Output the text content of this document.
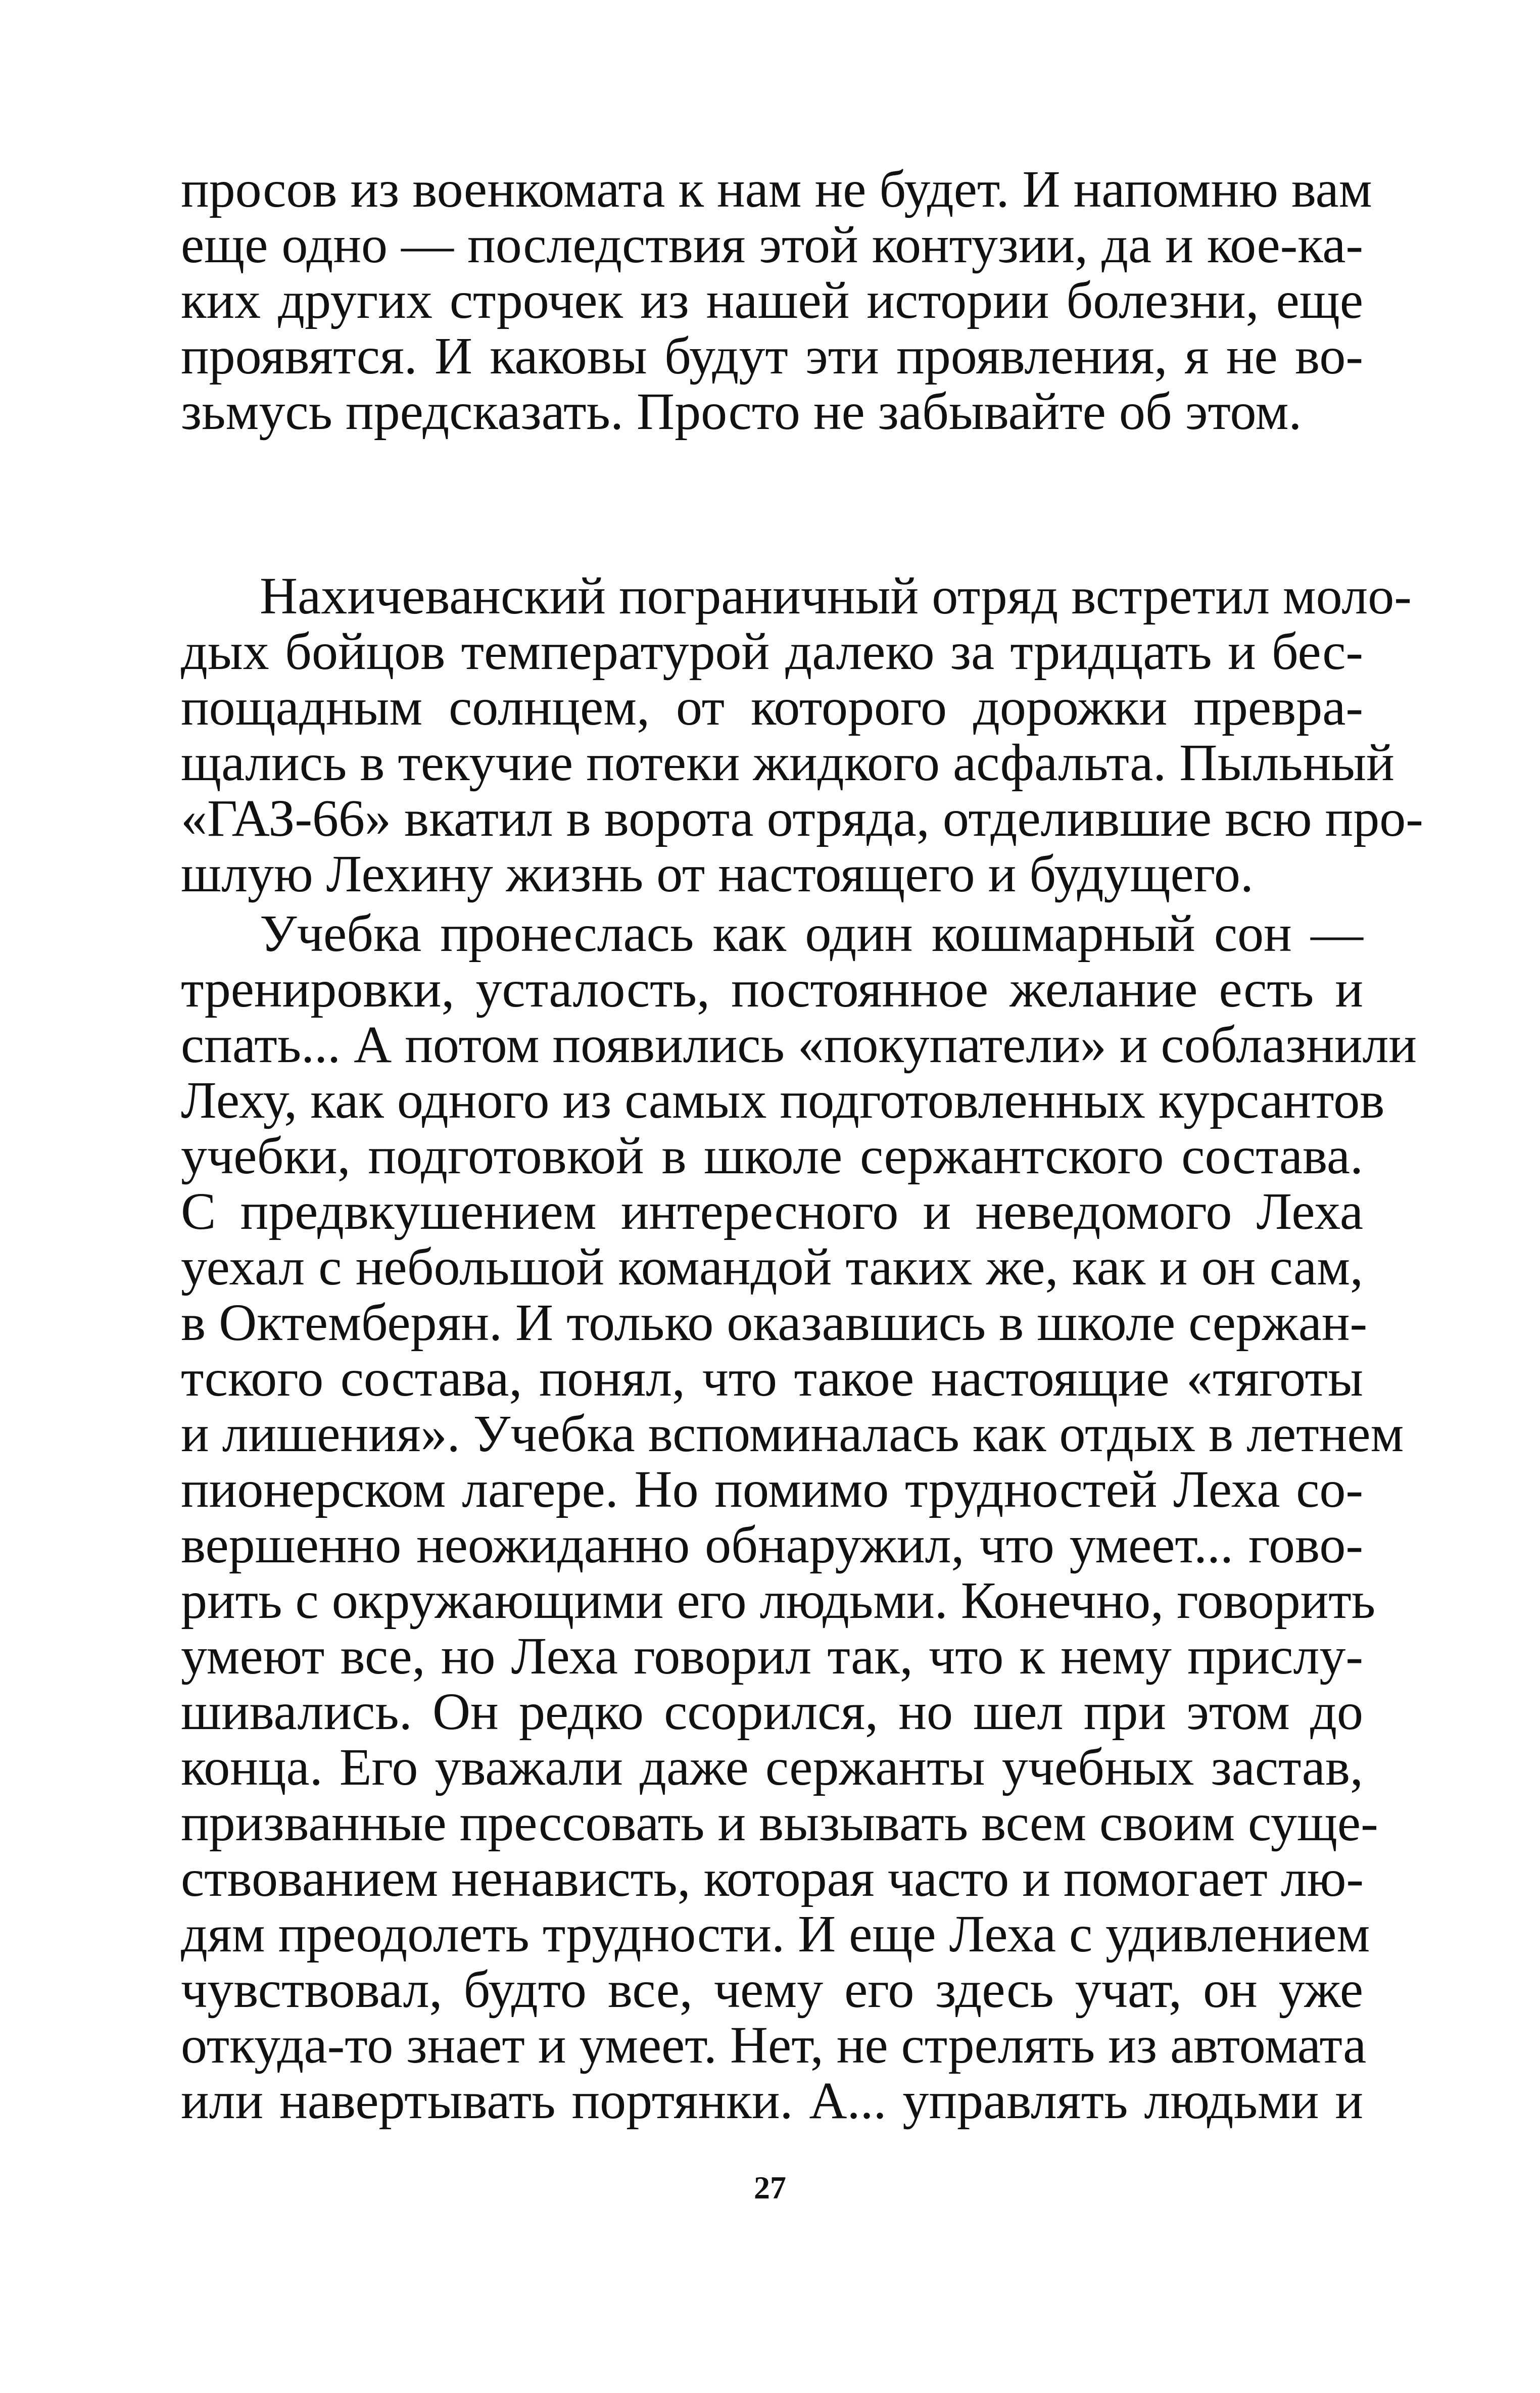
просов из военкомата к нам не будет. И напомню вам
еще одно — последствия этой контузии, да и кое-ка-
ких других строчек из нашей истории болезни, еще
проявятся. И каковы будут эти проявления, я не во-
зьмусь предсказать. Просто не забывайте об этом.
Нахичеванский пограничный отряд встретил моло-
дых бойцов температурой далеко за тридцать и бес-
пощадным солнцем, от которого дорожки превра-
щались в текучие потеки жидкого асфальта. Пыльный
«ГАЗ-66» вкатил в ворота отряда, отделившие всю про-
шлую Лехину жизнь от настоящего и будущего.
Учебка пронеслась как один кошмарный сон —
тренировки, усталость, постоянное желание есть и
спать... А потом появились «покупатели» и соблазнили
Леху, как одного из самых подготовленных курсантов
учебки, подготовкой в школе сержантского состава.
С предвкушением интересного и неведомого Леха
уехал с небольшой командой таких же, как и он сам,
в Октемберян. И только оказавшись в школе сержан-
тского состава, понял, что такое настоящие «тяготы
и лишения». Учебка вспоминалась как отдых в летнем
пионерском лагере. Но помимо трудностей Леха со-
вершенно неожиданно обнаружил, что умеет... гово-
рить с окружающими его людьми. Конечно, говорить
умеют все, но Леха говорил так, что к нему прислу-
шивались. Он редко ссорился, но шел при этом до
конца. Его уважали даже сержанты учебных застав,
призванные прессовать и вызывать всем своим суще-
ствованием ненависть, которая часто и помогает лю-
дям преодолеть трудности. И еще Леха с удивлением
чувствовал, будто все, чему его здесь учат, он уже
откуда-то знает и умеет. Нет, не стрелять из автомата
или навертывать портянки. А... управлять людьми и
27
